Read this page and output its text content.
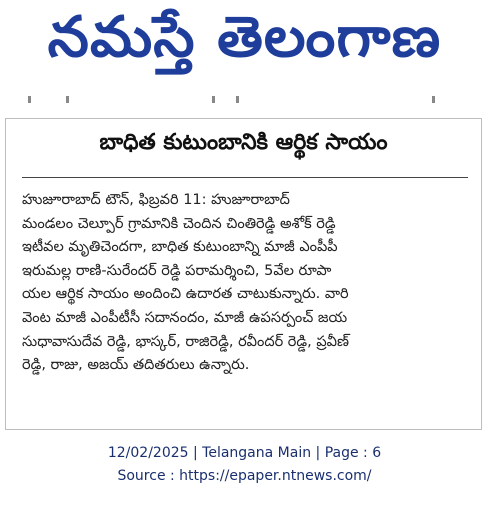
నమస్తే తెలంగాణ
బాధిత కుటుంబానికి ఆర్థిక సాయం
హుజూరాబాద్ టౌన్, ఫిబ్రవరి 11: హుజూరాబాద్
మండలం చెల్పూర్ గ్రామానికి చెందిన చింతిరెడ్డి అశోక్ రెడ్డి
ఇటీవల మృతిచెందగా, బాధిత కుటుంబాన్ని మాజీ ఎంపీపీ
ఇరుమల్ల రాణి-సురేందర్ రెడ్డి పరామర్శించి, 5వేల రూపా
యల ఆర్థిక సాయం అందించి ఉదారత చాటుకున్నారు. వారి
వెంట మాజీ ఎంపీటీసీ సదానందం, మాజీ ఉపసర్పంచ్ జయ
సుధావాసుదేవ రెడ్డి, భాస్కర్, రాజిరెడ్డి, రవీందర్ రెడ్డి, ప్రవీణ్
రెడ్డి, రాజు, అజయ్ తదితరులు ఉన్నారు.
12/02/2025 | Telangana Main | Page : 6
Source : https://epaper.ntnews.com/
